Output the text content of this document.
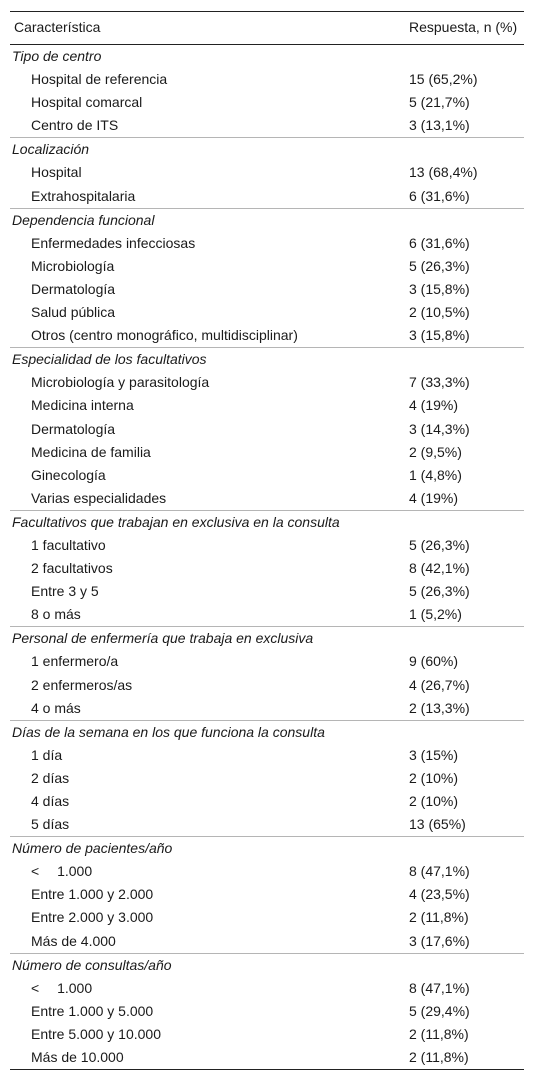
Característica	Respuesta, n (%)
Tipo de centro	
Hospital de referencia	15 (65,2%)
Hospital comarcal	5 (21,7%)
Centro de ITS	3 (13,1%)
Localización	
Hospital	13 (68,4%)
Extrahospitalaria	6 (31,6%)
Dependencia funcional	
Enfermedades infecciosas	6 (31,6%)
Microbiología	5 (26,3%)
Dermatología	3 (15,8%)
Salud pública	2 (10,5%)
Otros (centro monográfico, multidisciplinar)	3 (15,8%)
Especialidad de los facultativos	
Microbiología y parasitología	7 (33,3%)
Medicina interna	4 (19%)
Dermatología	3 (14,3%)
Medicina de familia	2 (9,5%)
Ginecología	1 (4,8%)
Varias especialidades	4 (19%)
Facultativos que trabajan en exclusiva en la consulta	
1 facultativo	5 (26,3%)
2 facultativos	8 (42,1%)
Entre 3 y 5	5 (26,3%)
8 o más	1 (5,2%)
Personal de enfermería que trabaja en exclusiva	
1 enfermero/a	9 (60%)
2 enfermeros/as	4 (26,7%)
4 o más	2 (13,3%)
Días de la semana en los que funciona la consulta	
1 día	3 (15%)
2 días	2 (10%)
4 días	2 (10%)
5 días	13 (65%)
Número de pacientes/año	
<  1.000	8 (47,1%)
Entre 1.000 y 2.000	4 (23,5%)
Entre 2.000 y 3.000	2 (11,8%)
Más de 4.000	3 (17,6%)
Número de consultas/año	
<  1.000	8 (47,1%)
Entre 1.000 y 5.000	5 (29,4%)
Entre 5.000 y 10.000	2 (11,8%)
Más de 10.000	2 (11,8%)
